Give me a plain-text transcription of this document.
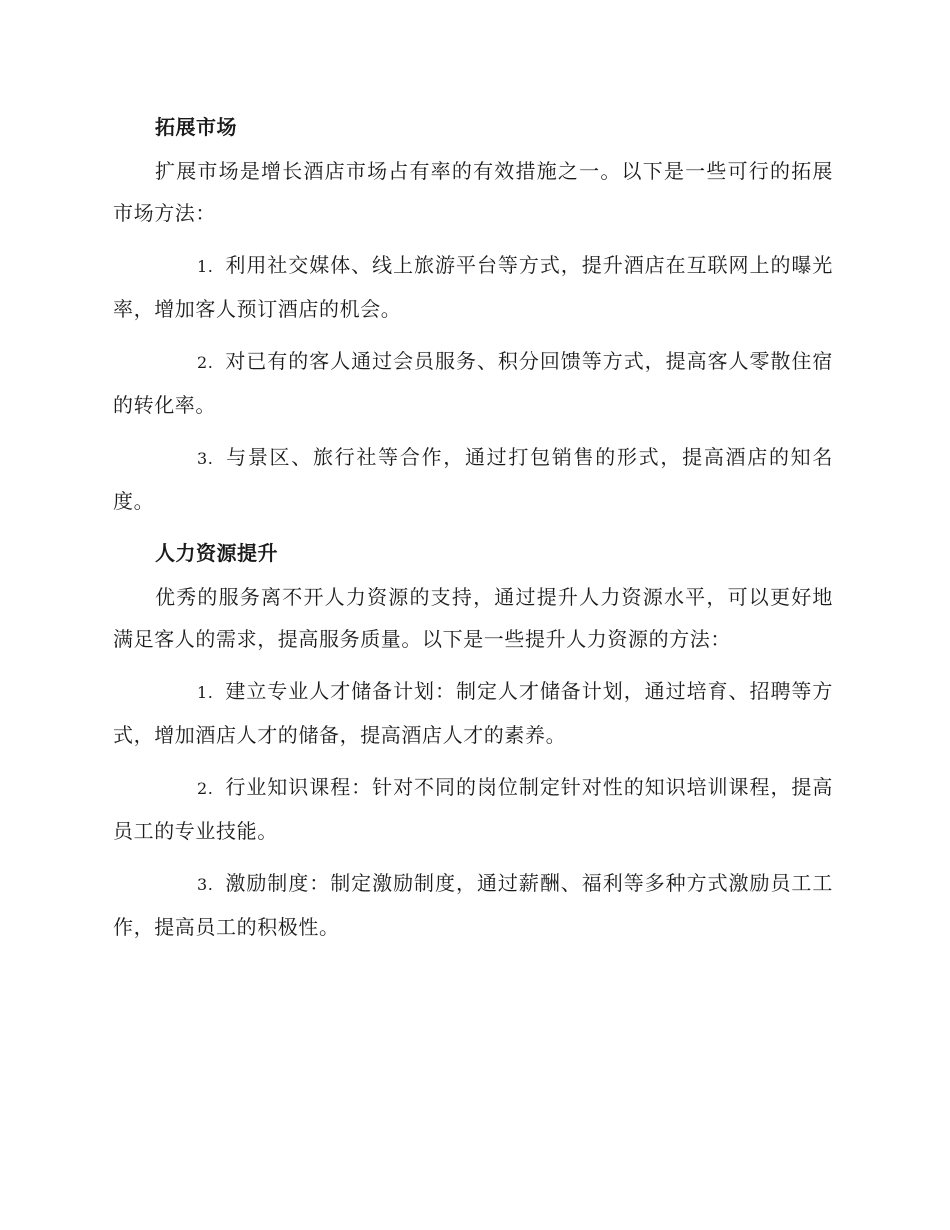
拓展市场

扩展市场是增长酒店市场占有率的有效措施之一。以下是一些可行的拓展市场方法：

1. 利用社交媒体、线上旅游平台等方式，提升酒店在互联网上的曝光率，增加客人预订酒店的机会。

2. 对已有的客人通过会员服务、积分回馈等方式，提高客人零散住宿的转化率。

3. 与景区、旅行社等合作，通过打包销售的形式，提高酒店的知名度。

人力资源提升

优秀的服务离不开人力资源的支持，通过提升人力资源水平，可以更好地满足客人的需求，提高服务质量。以下是一些提升人力资源的方法：

1. 建立专业人才储备计划：制定人才储备计划，通过培育、招聘等方式，增加酒店人才的储备，提高酒店人才的素养。

2. 行业知识课程：针对不同的岗位制定针对性的知识培训课程，提高员工的专业技能。

3. 激励制度：制定激励制度，通过薪酬、福利等多种方式激励员工工作，提高员工的积极性。
